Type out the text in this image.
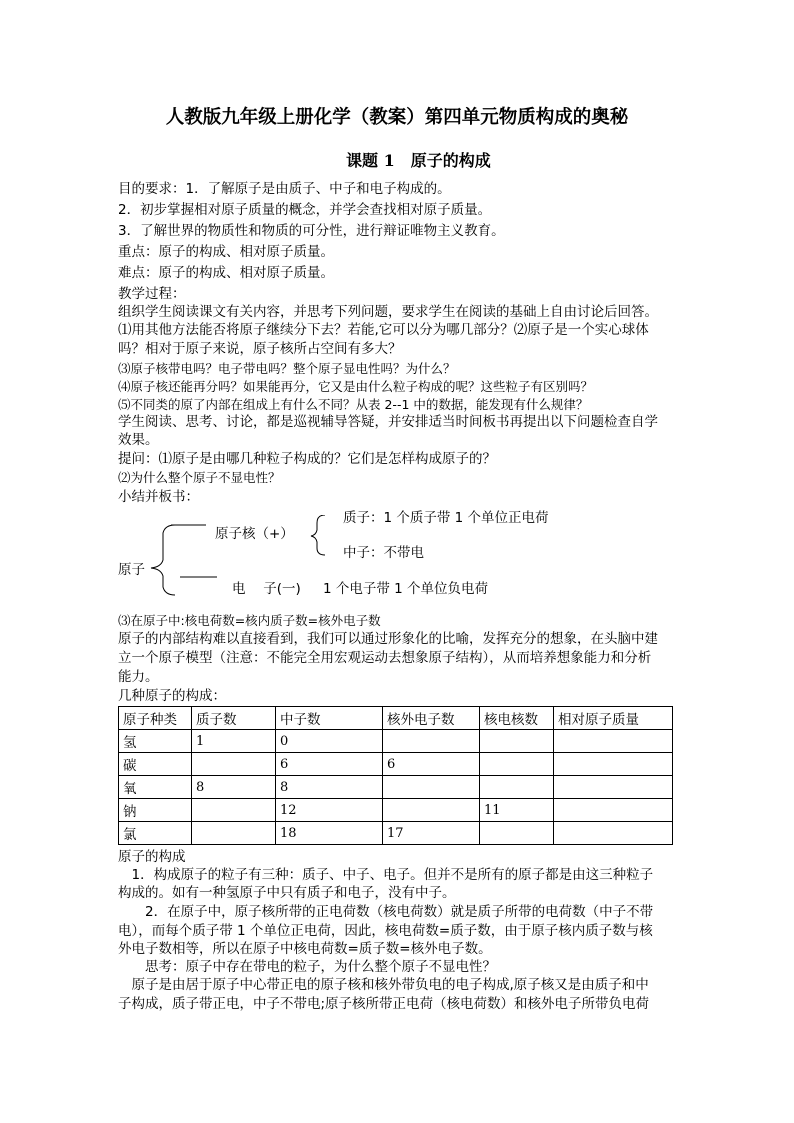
人教版九年级上册化学（教案）第四单元物质构成的奥秘
课题 1　原子的构成
目的要求：1．了解原子是由质子、中子和电子构成的。
2．初步掌握相对原子质量的概念，并学会查找相对原子质量。
3．了解世界的物质性和物质的可分性，进行辩证唯物主义教育。
重点：原子的构成、相对原子质量。
难点：原子的构成、相对原子质量。
教学过程：
组织学生阅读课文有关内容，并思考下列问题，要求学生在阅读的基础上自由讨论后回答。
⑴用其他方法能否将原子继续分下去？若能,它可以分为哪几部分？⑵原子是一个实心球体
吗？相对于原子来说，原子核所占空间有多大？
⑶原子核带电吗？电子带电吗？整个原子显电性吗？为什么？
⑷原子核还能再分吗？如果能再分，它又是由什么粒子构成的呢？这些粒子有区别吗？
⑸不同类的原了内部在组成上有什么不同？从表 2--1 中的数据，能发现有什么规律？
学生阅读、思考、讨论，都是巡视辅导答疑，并安排适当时间板书再提出以下问题检查自学
效果。
提问：⑴原子是由哪几种粒子构成的？它们是怎样构成原子的？
⑵为什么整个原子不显电性？
小结并板书：
原子
原子核（+）
质子：1 个质子带 1 个单位正电荷
中子：不带电
电　 子(一) 1 个电子带 1 个单位负电荷
⑶在原子中:核电荷数=核内质子数=核外电子数
原子的内部结构难以直接看到，我们可以通过形象化的比喻，发挥充分的想象，在头脑中建
立一个原子模型（注意：不能完全用宏观运动去想象原子结构），从而培养想象能力和分析
能力。
几种原子的构成：
原子种类	质子数	中子数	核外电子数	核电核数	相对原子质量
氢	1	0			
碳		6	6		
氧	8	8			
钠		12		11	
氯		18	17		
原子的构成
　1．构成原子的粒子有三种：质子、中子、电子。但并不是所有的原子都是由这三种粒子
构成的。如有一种氢原子中只有质子和电子，没有中子。
　　2．在原子中，原子核所带的正电荷数（核电荷数）就是质子所带的电荷数（中子不带
电），而每个质子带 1 个单位正电荷，因此，核电荷数=质子数，由于原子核内质子数与核
外电子数相等，所以在原子中核电荷数=质子数=核外电子数。
　　思考：原子中存在带电的粒子，为什么整个原子不显电性？
　原子是由居于原子中心带正电的原子核和核外带负电的电子构成,原子核又是由质子和中
子构成，质子带正电，中子不带电;原子核所带正电荷（核电荷数）和核外电子所带负电荷
